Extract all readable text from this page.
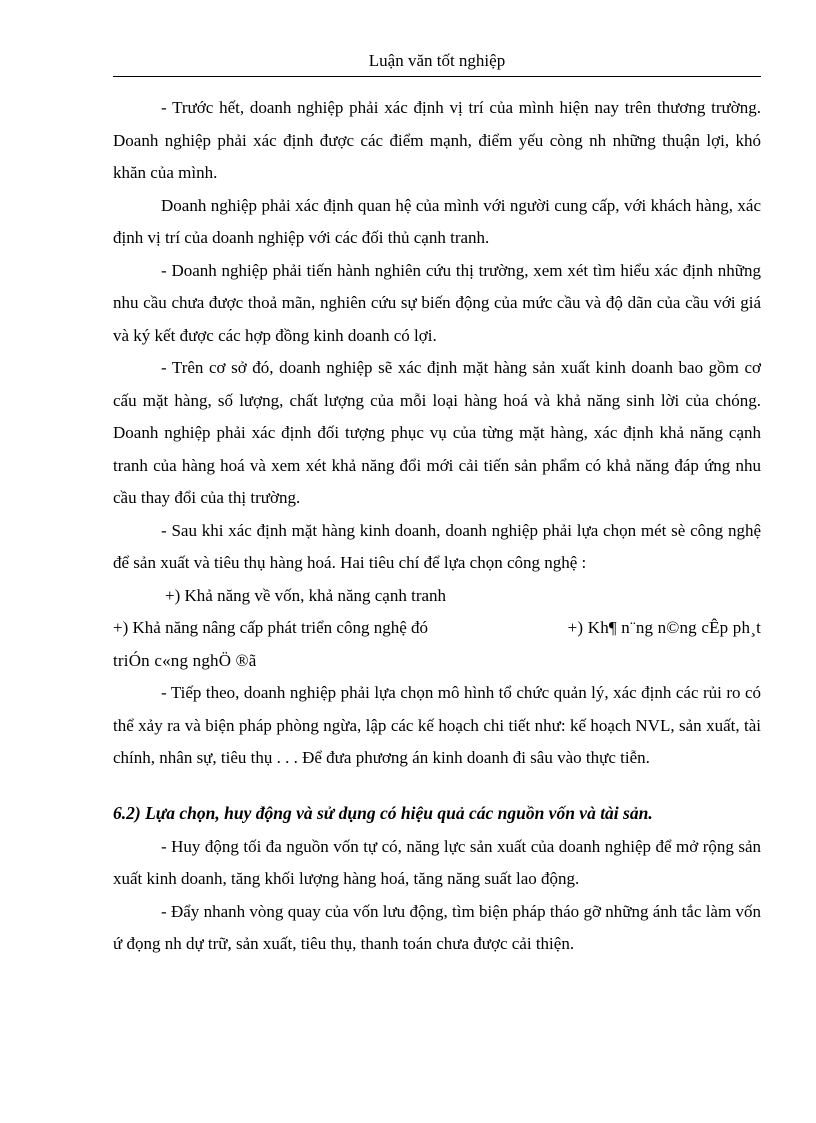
Luận văn tốt nghiệp

- Trước hết, doanh nghiệp phải xác định vị trí của mình hiện nay trên thương trường. Doanh nghiệp phải xác định được các điểm mạnh, điểm yếu còng nh những thuận lợi, khó khăn của mình.

Doanh nghiệp phải xác định quan hệ của mình với người cung cấp, với khách hàng, xác định vị trí của doanh nghiệp với các đối thủ cạnh tranh.

- Doanh nghiệp phải tiến hành nghiên cứu thị trường, xem xét tìm hiểu xác định những nhu cầu chưa được thoả mãn, nghiên cứu sự biến động của mức cầu và độ dãn của cầu với giá và ký kết được các hợp đồng kinh doanh có lợi.

- Trên cơ sở đó, doanh nghiệp sẽ xác định mặt hàng sản xuất kinh doanh bao gồm cơ cấu mặt hàng, số lượng, chất lượng của mỗi loại hàng hoá và khả năng sinh lời của chóng. Doanh nghiệp phải xác định đối tượng phục vụ của từng mặt hàng, xác định khả năng cạnh tranh của hàng hoá và xem xét khả năng đổi mới cải tiến sản phẩm có khả năng đáp ứng nhu cầu thay đổi của thị trường.

- Sau khi xác định mặt hàng kinh doanh, doanh nghiệp phải lựa chọn mét sè công nghệ để sản xuất và tiêu thụ hàng hoá. Hai tiêu chí để lựa chọn công nghệ :

+) Khả năng về vốn, khả năng cạnh tranh

+) Khả năng nâng cấp phát triển công nghệ đó	+) Kh¶ n¨ng n©ng cÊp ph¸t

triÓn c«ng nghÖ ®ã

- Tiếp theo, doanh nghiệp phải lựa chọn mô hình tổ chức quản lý, xác định các rủi ro có thể xảy ra và biện pháp phòng ngừa, lập các kế hoạch chi tiết như: kế hoạch NVL, sản xuất, tài chính, nhân sự, tiêu thụ . . . Để đưa phương án kinh doanh đi sâu vào thực tiễn.

6.2) Lựa chọn, huy động và sử dụng có hiệu quả các nguồn vốn và tài sản.

- Huy động tối đa nguồn vốn tự có, năng lực sản xuất của doanh nghiệp để mở rộng sản xuất kinh doanh, tăng khối lượng hàng hoá, tăng năng suất lao động.

- Đẩy nhanh vòng quay của vốn lưu động, tìm biện pháp tháo gỡ những ánh tắc làm vốn ứ đọng nh dự trữ, sản xuất, tiêu thụ, thanh toán chưa được cải thiện.
